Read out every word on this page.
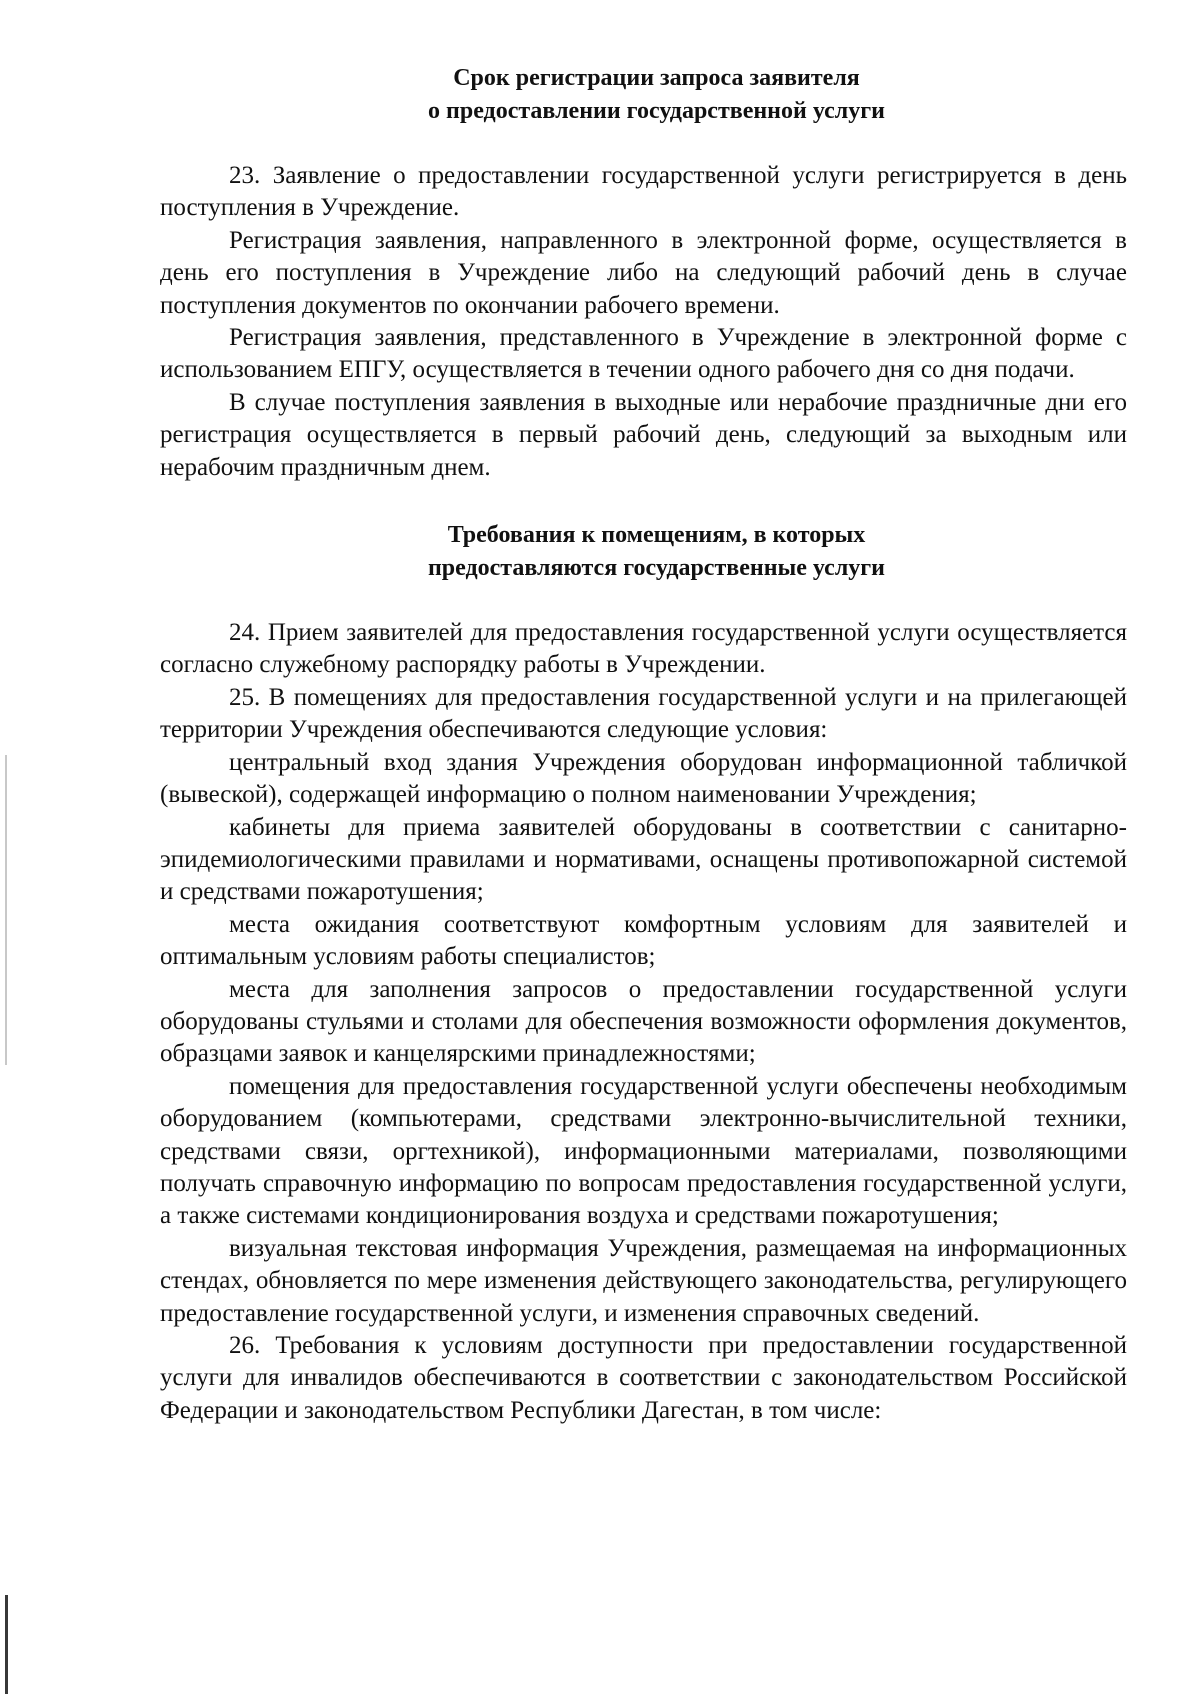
Срок регистрации запроса заявителя
о предоставлении государственной услуги

23. Заявление о предоставлении государственной услуги регистрируется в день поступления в Учреждение.

Регистрация заявления, направленного в электронной форме, осуществляется в день его поступления в Учреждение либо на следующий рабочий день в случае поступления документов по окончании рабочего времени.

Регистрация заявления, представленного в Учреждение в электронной форме с использованием ЕПГУ, осуществляется в течении одного рабочего дня со дня подачи.

В случае поступления заявления в выходные или нерабочие праздничные дни его регистрация осуществляется в первый рабочий день, следующий за выходным или нерабочим праздничным днем.

Требования к помещениям, в которых
предоставляются государственные услуги

24. Прием заявителей для предоставления государственной услуги осуществляется согласно служебному распорядку работы в Учреждении.

25. В помещениях для предоставления государственной услуги и на прилегающей территории Учреждения обеспечиваются следующие условия:

центральный вход здания Учреждения оборудован информационной табличкой (вывеской), содержащей информацию о полном наименовании Учреждения;

кабинеты для приема заявителей оборудованы в соответствии с санитарно-эпидемиологическими правилами и нормативами, оснащены противопожарной системой и средствами пожаротушения;

места ожидания соответствуют комфортным условиям для заявителей и оптимальным условиям работы специалистов;

места для заполнения запросов о предоставлении государственной услуги оборудованы стульями и столами для обеспечения возможности оформления документов, образцами заявок и канцелярскими принадлежностями;

помещения для предоставления государственной услуги обеспечены необходимым оборудованием (компьютерами, средствами электронно-вычислительной техники, средствами связи, оргтехникой), информационными материалами, позволяющими получать справочную информацию по вопросам предоставления государственной услуги, а также системами кондиционирования воздуха и средствами пожаротушения;

визуальная текстовая информация Учреждения, размещаемая на информационных стендах, обновляется по мере изменения действующего законодательства, регулирующего предоставление государственной услуги, и изменения справочных сведений.

26. Требования к условиям доступности при предоставлении государственной услуги для инвалидов обеспечиваются в соответствии с законодательством Российской Федерации и законодательством Республики Дагестан, в том числе:
